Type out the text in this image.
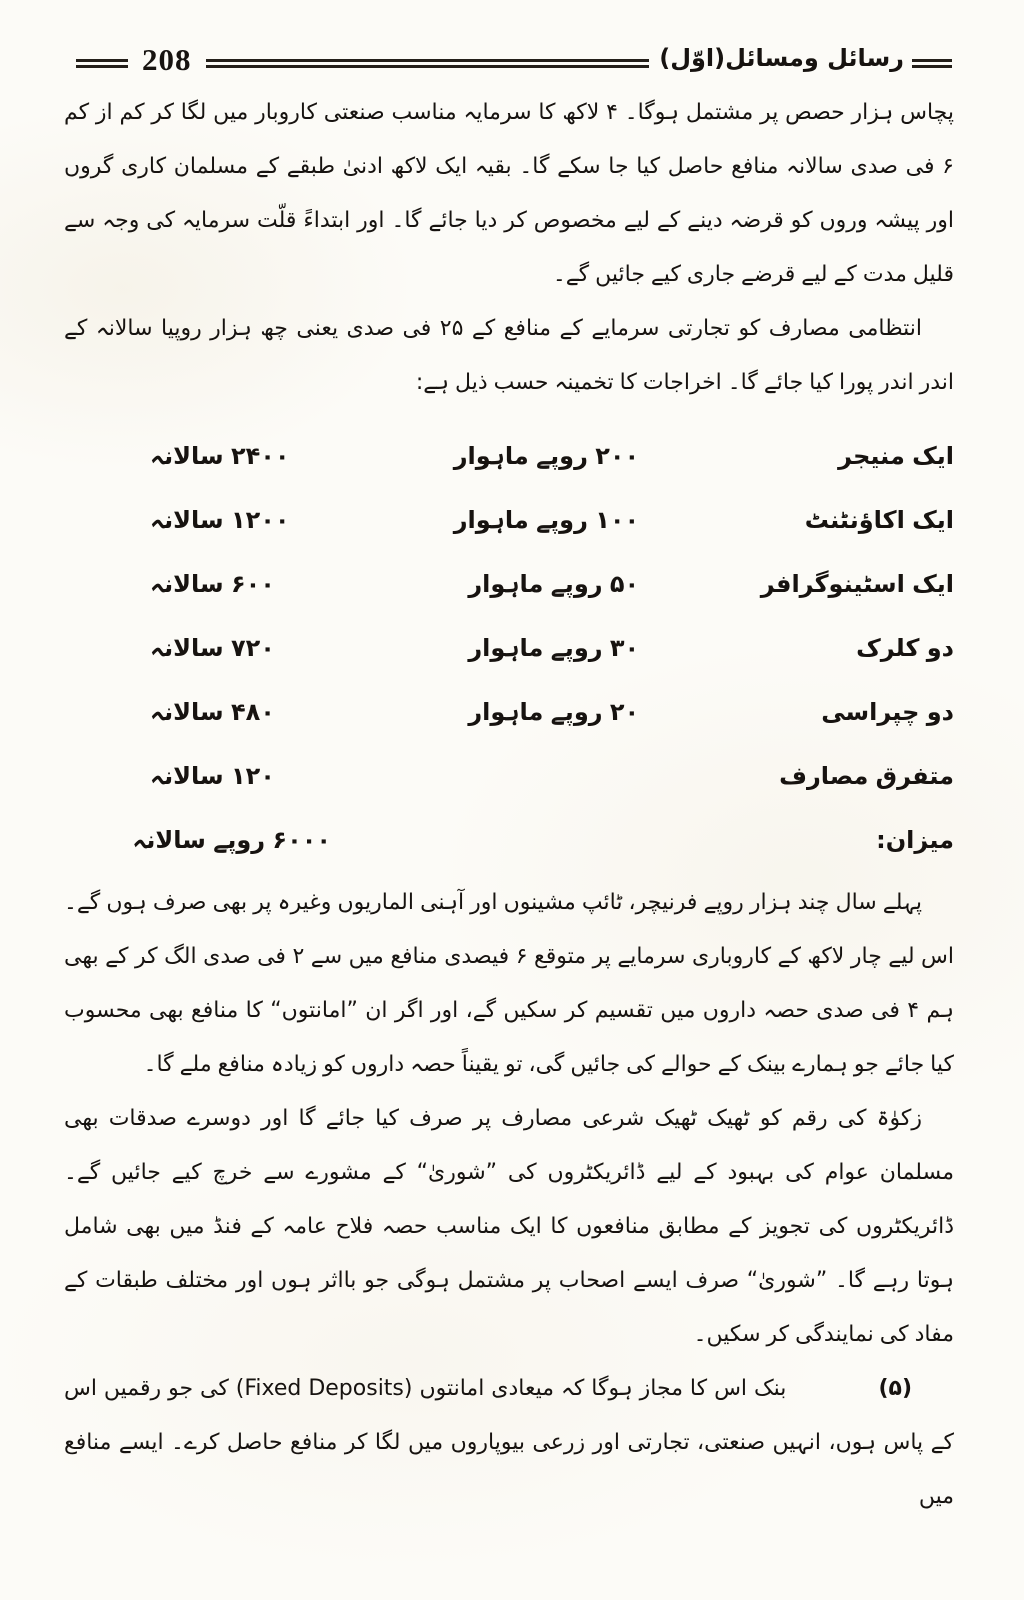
208	رسائل ومسائل(اوّل)

پچاس ہزار حصص پر مشتمل ہوگا۔ ۴ لاکھ کا سرمایہ مناسب صنعتی کاروبار میں لگا کر کم از کم ۶ فی صدی سالانہ منافع حاصل کیا جا سکے گا۔ بقیہ ایک لاکھ ادنیٰ طبقے کے مسلمان کاری گروں اور پیشہ وروں کو قرضہ دینے کے لیے مخصوص کر دیا جائے گا۔ اور ابتداءً قلّت سرمایہ کی وجہ سے قلیل مدت کے لیے قرضے جاری کیے جائیں گے۔

انتظامی مصارف کو تجارتی سرمایے کے منافع کے ۲۵ فی صدی یعنی چھ ہزار روپیا سالانہ کے اندر اندر پورا کیا جائے گا۔ اخراجات کا تخمینہ حسب ذیل ہے:

ایک منیجر
۲۰۰ روپے ماہوار
۲۴۰۰ سالانہ
ایک اکاؤنٹنٹ
۱۰۰ روپے ماہوار
۱۲۰۰ سالانہ
ایک اسٹینوگرافر
۵۰ روپے ماہوار
۶۰۰ سالانہ
دو کلرک
۳۰ روپے ماہوار
۷۲۰ سالانہ
دو چپراسی
۲۰ روپے ماہوار
۴۸۰ سالانہ
متفرق مصارف
۱۲۰ سالانہ
میزان:
۶۰۰۰ روپے سالانہ

پہلے سال چند ہزار روپے فرنیچر، ٹائپ مشینوں اور آہنی الماریوں وغیرہ پر بھی صرف ہوں گے۔ اس لیے چار لاکھ کے کاروباری سرمایے پر متوقع ۶ فیصدی منافع میں سے ۲ فی صدی الگ کر کے بھی ہم ۴ فی صدی حصہ داروں میں تقسیم کر سکیں گے، اور اگر ان ”امانتوں“ کا منافع بھی محسوب کیا جائے جو ہمارے بینک کے حوالے کی جائیں گی، تو یقیناً حصہ داروں کو زیادہ منافع ملے گا۔

زکوٰۃ کی رقم کو ٹھیک ٹھیک شرعی مصارف پر صرف کیا جائے گا اور دوسرے صدقات بھی مسلمان عوام کی بہبود کے لیے ڈائریکٹروں کی ”شوریٰ“ کے مشورے سے خرچ کیے جائیں گے۔ ڈائریکٹروں کی تجویز کے مطابق منافعوں کا ایک مناسب حصہ فلاح عامہ کے فنڈ میں بھی شامل ہوتا رہے گا۔ ”شوریٰ“ صرف ایسے اصحاب پر مشتمل ہوگی جو بااثر ہوں اور مختلف طبقات کے مفاد کی نمایندگی کر سکیں۔

(۵)بنک اس کا مجاز ہوگا کہ میعادی امانتوں (Fixed Deposits) کی جو رقمیں اس کے پاس ہوں، انہیں صنعتی، تجارتی اور زرعی بیوپاروں میں لگا کر منافع حاصل کرے۔ ایسے منافع میں
